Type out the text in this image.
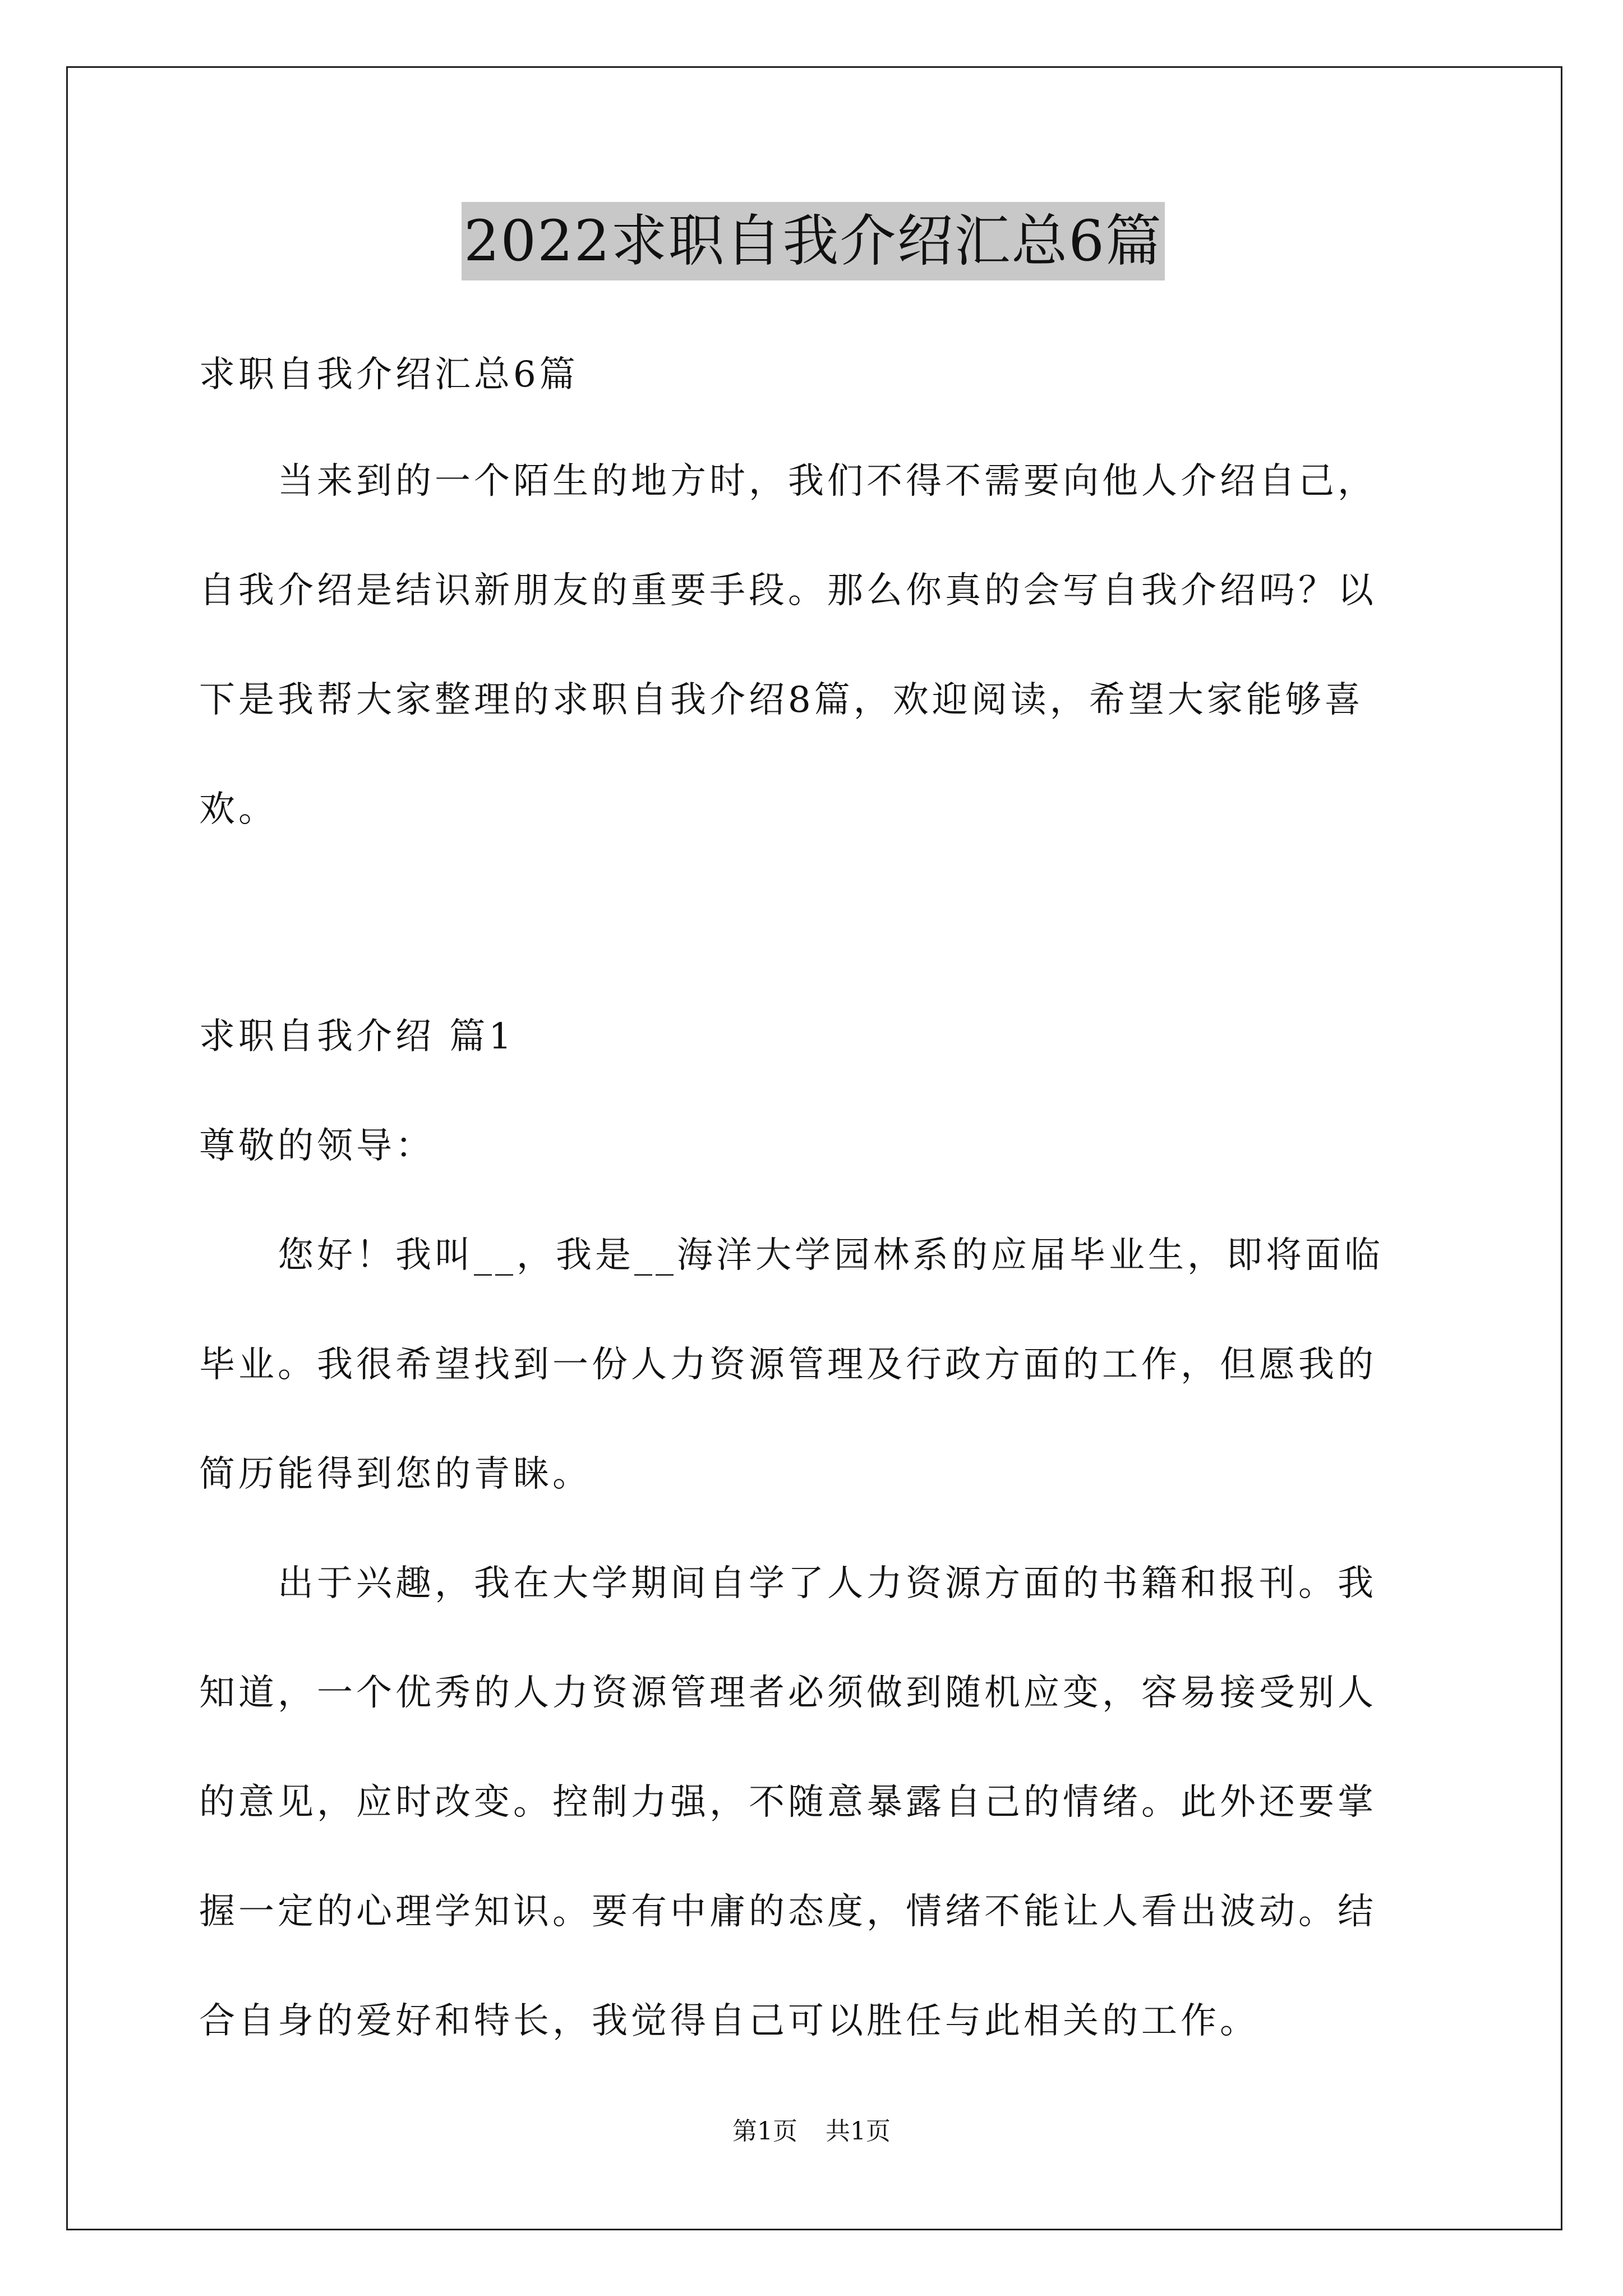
2022求职自我介绍汇总6篇
求职自我介绍汇总6篇
当来到的一个陌生的地方时，我们不得不需要向他人介绍自己，
自我介绍是结识新朋友的重要手段。那么你真的会写自我介绍吗？以
下是我帮大家整理的求职自我介绍8篇，欢迎阅读，希望大家能够喜
欢。
求职自我介绍 篇1
尊敬的领导：
您好！我叫__，我是__海洋大学园林系的应届毕业生，即将面临
毕业。我很希望找到一份人力资源管理及行政方面的工作，但愿我的
简历能得到您的青睐。
出于兴趣，我在大学期间自学了人力资源方面的书籍和报刊。我
知道，一个优秀的人力资源管理者必须做到随机应变，容易接受别人
的意见，应时改变。控制力强，不随意暴露自己的情绪。此外还要掌
握一定的心理学知识。要有中庸的态度，情绪不能让人看出波动。结
合自身的爱好和特长，我觉得自己可以胜任与此相关的工作。
第1页 共1页
